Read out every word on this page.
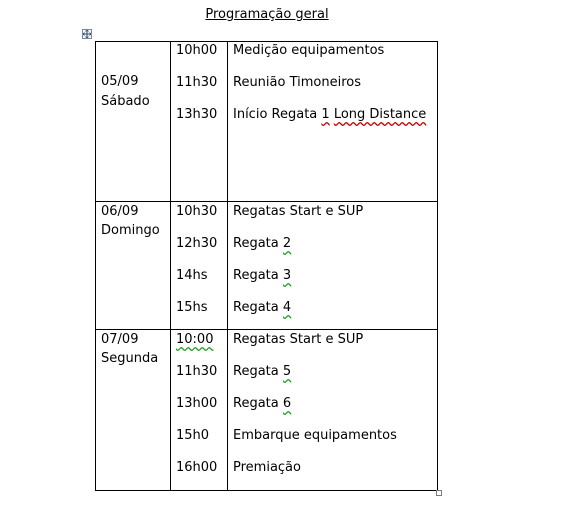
Programação geral
05/09
Sábado
10h00 Medição equipamentos
11h30 Reunião Timoneiros
13h30 Início Regata 1 Long Distance
06/09
Domingo
10h30 Regatas Start e SUP
12h30 Regata 2
14hs Regata 3
15hs Regata 4
07/09
Segunda
10:00 Regatas Start e SUP
11h30 Regata 5
13h00 Regata 6
15h0 Embarque equipamentos
16h00 Premiação
